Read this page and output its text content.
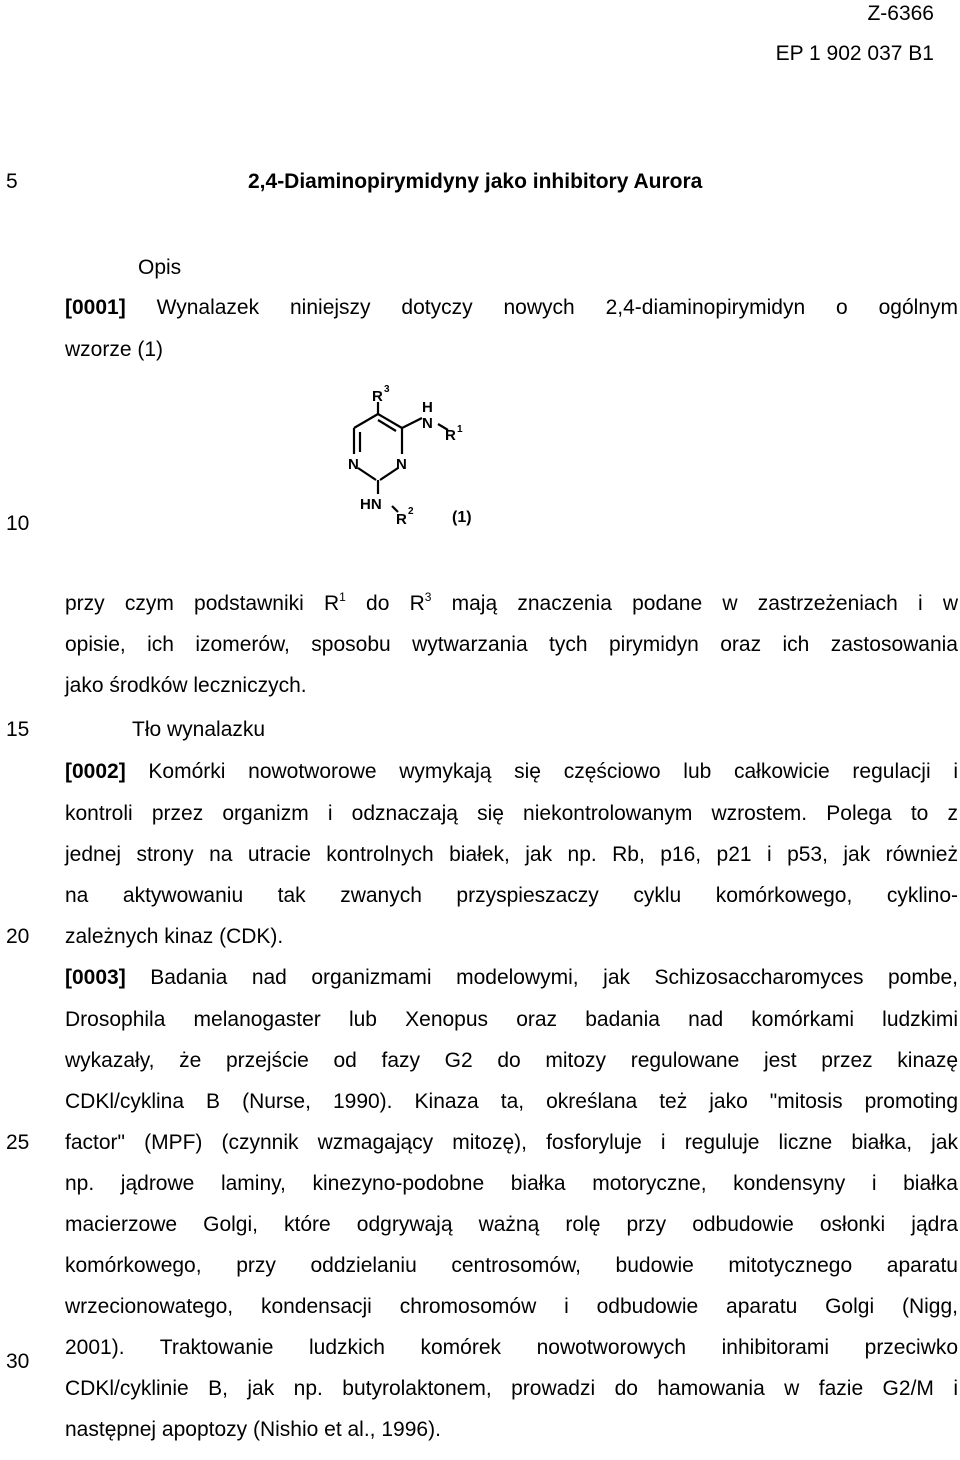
Z-6366
EP 1 902 037 B1
5
10
15
20
25
30
2,4-Diaminopirymidyny jako inhibitory Aurora
Opis
[0001] Wynalazek niniejszy dotyczy nowych 2,4-diaminopirymidyn o ogólnym
wzorze (1)
R 3
H
N
R 1
N N
HN
R 2 (1)
przy czym podstawniki $R^1$ do $R^3$ mają znaczenia podane w zastrzeżeniach i w
opisie, ich izomerów, sposobu wytwarzania tych pirymidyn oraz ich zastosowania
jako środków leczniczych.
Tło wynalazku
[0002] Komórki nowotworowe wymykają się częściowo lub całkowicie regulacji i
kontroli przez organizm i odznaczają się niekontrolowanym wzrostem. Polega to z
jednej strony na utracie kontrolnych białek, jak np. Rb, p16, p21 i p53, jak również
na aktywowaniu tak zwanych przyspieszaczy cyklu komórkowego, cyklino-
zależnych kinaz (CDK).
[0003] Badania nad organizmami modelowymi, jak Schizosaccharomyces pombe,
Drosophila melanogaster lub Xenopus oraz badania nad komórkami ludzkimi
wykazały, że przejście od fazy G2 do mitozy regulowane jest przez kinazę
CDKl/cyklina B (Nurse, 1990). Kinaza ta, określana też jako "mitosis promoting
factor" (MPF) (czynnik wzmagający mitozę), fosforyluje i reguluje liczne białka, jak
np. jądrowe laminy, kinezyno-podobne białka motoryczne, kondensyny i białka
macierzowe Golgi, które odgrywają ważną rolę przy odbudowie osłonki jądra
komórkowego, przy oddzielaniu centrosomów, budowie mitotycznego aparatu
wrzecionowatego, kondensacji chromosomów i odbudowie aparatu Golgi (Nigg,
2001). Traktowanie ludzkich komórek nowotworowych inhibitorami przeciwko
CDKl/cyklinie B, jak np. butyrolaktonem, prowadzi do hamowania w fazie G2/M i
następnej apoptozy (Nishio et al., 1996).
